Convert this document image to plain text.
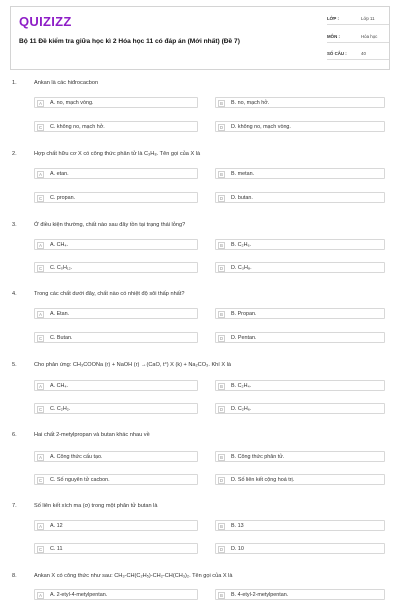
QUIZIZZ
Bộ 11 Đề kiểm tra giữa học kì 2 Hóa học 11 có đáp án (Mới nhất) (Đề 7)
LỚP :	Lớp 11
MÔN :	Hóa học
SỐ CÂU :	40
1.	Ankan là các hiđrocacbon
A	A. no, mạch vòng.	B	B. no, mạch hở.
C	C. không no, mạch hở.	D	D. không no, mạch vòng.
2.	Hợp chất hữu cơ X có công thức phân tử là C₃H₈. Tên gọi của X là
A	A. etan.	B	B. metan.
C	C. propan.	D	D. butan.
3.	Ở điều kiện thường, chất nào sau đây tồn tại trạng thái lỏng?
A	A. CH₄.	B	B. C₂H₆.
C	C. C₅H₁₂.	D	D. C₃H₈.
4.	Trong các chất dưới đây, chất nào có nhiệt độ sôi thấp nhất?
A	A. Etan.	B	B. Propan.
C	C. Butan.	D	D. Pentan.
5.	Cho phản ứng: CH₃COONa (r) + NaOH (r) →(CaO, t°) X (k) + Na₂CO₃. Khí X là
A	A. CH₄.	B	B. C₂H₄.
C	C. C₂H₂.	D	D. C₂H₆.
6.	Hai chất 2-metylpropan và butan khác nhau về
A	A. Công thức cấu tạo.	B	B. Công thức phân tử.
C	C. Số nguyên tử cacbon.	D	D. Số liên kết cộng hoá trị.
7.	Số liên kết xích ma (σ) trong một phân tử butan là
A	A. 12	B	B. 13
C	C. 11	D	D. 10
8.	Ankan X có công thức như sau: CH₃-CH(C₂H₅)-CH₂-CH(CH₃)₂. Tên gọi của X là
A	A. 2-etyl-4-metylpentan.	B	B. 4-etyl-2-metylpentan.
